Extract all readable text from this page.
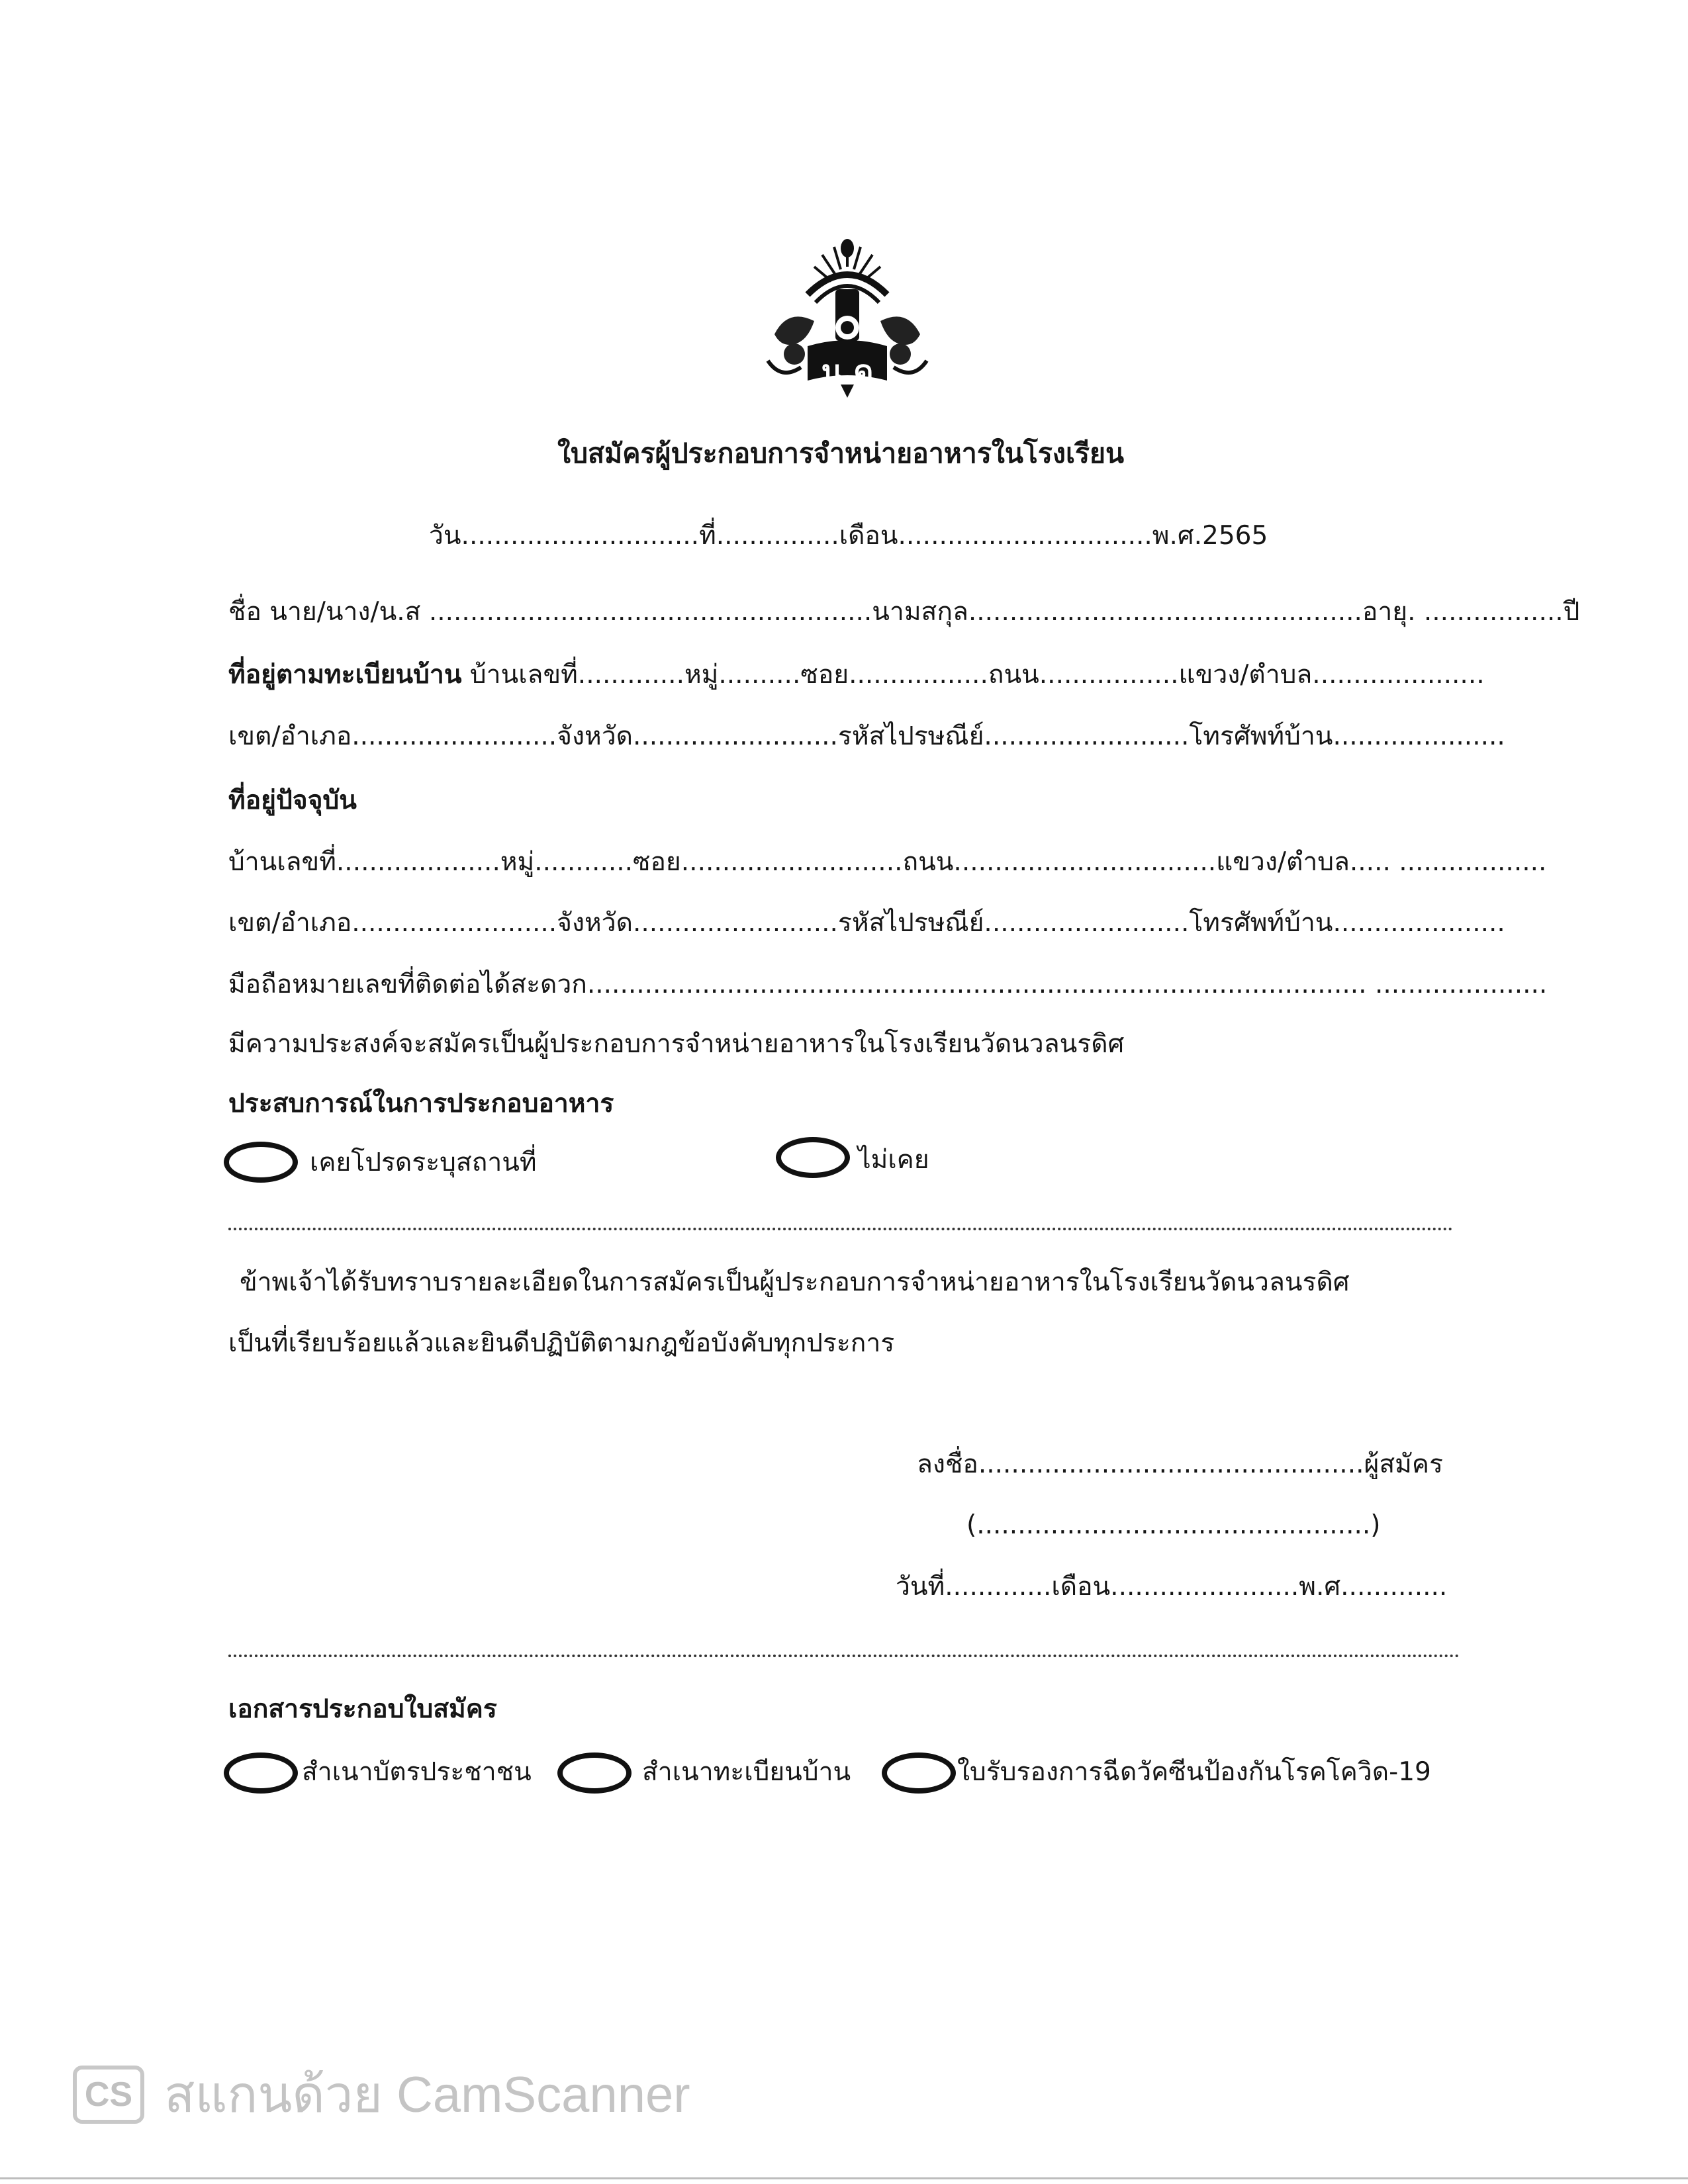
น.ด
ใบสมัครผู้ประกอบการจำหน่ายอาหารในโรงเรียน
วัน.............................ที่...............เดือน...............................พ.ศ.2565
ชื่อ นาย/นาง/น.ส ......................................................นามสกุล................................................อายุ. .................ปี
ที่อยู่ตามทะเบียนบ้าน บ้านเลขที่.............หมู่..........ซอย.................ถนน.................แขวง/ตำบล.....................
เขต/อำเภอ.........................จังหวัด.........................รหัสไปรษณีย์.........................โทรศัพท์บ้าน.....................
ที่อยู่ปัจจุบัน
บ้านเลขที่....................หมู่............ซอย...........................ถนน................................แขวง/ตำบล..... ..................
เขต/อำเภอ.........................จังหวัด.........................รหัสไปรษณีย์.........................โทรศัพท์บ้าน.....................
มือถือหมายเลขที่ติดต่อได้สะดวก............................................................................................... .....................
มีความประสงค์จะสมัครเป็นผู้ประกอบการจำหน่ายอาหารในโรงเรียนวัดนวลนรดิศ
ประสบการณ์ในการประกอบอาหาร
เคยโปรดระบุสถานที่	ไม่เคย
ข้าพเจ้าได้รับทราบรายละเอียดในการสมัครเป็นผู้ประกอบการจำหน่ายอาหารในโรงเรียนวัดนวลนรดิศ
เป็นที่เรียบร้อยแล้วและยินดีปฏิบัติตามกฎข้อบังคับทุกประการ
ลงชื่อ...............................................ผู้สมัคร
(................................................)
วันที่.............เดือน.......................พ.ศ.............
เอกสารประกอบใบสมัคร
สำเนาบัตรประชาชน	สำเนาทะเบียนบ้าน	ใบรับรองการฉีดวัคซีนป้องกันโรคโควิด-19
CS สแกนด้วย CamScanner
